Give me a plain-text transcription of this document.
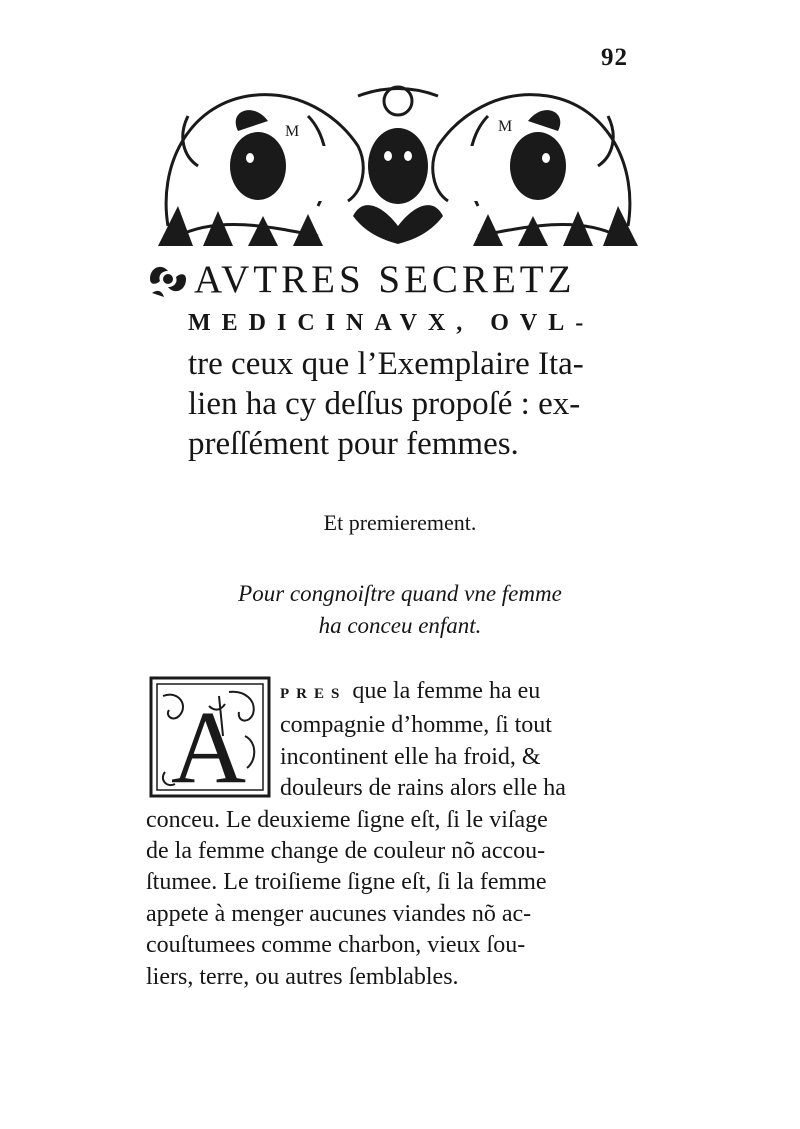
92
M	M
AVTRES SECRETZ
MEDICINAVX, OVL-
tre ceux que l’Exemplaire Ita-
lien ha cy deſſus propoſé : ex-
preſſément pour femmes.
Et premierement.
Pour congnoiſtre quand vne femme
ha conceu enfant.
A	PRES que la femme ha eu
compagnie d’homme, ſi tout
incontinent elle ha froid, &
douleurs de rains alors elle ha
conceu. Le deuxieme ſigne eſt, ſi le viſage
de la femme change de couleur nõ accou-
ſtumee. Le troiſieme ſigne eſt, ſi la femme
appete à menger aucunes viandes nõ ac-
couſtumees comme charbon, vieux ſou-
liers, terre, ou autres ſemblables.
